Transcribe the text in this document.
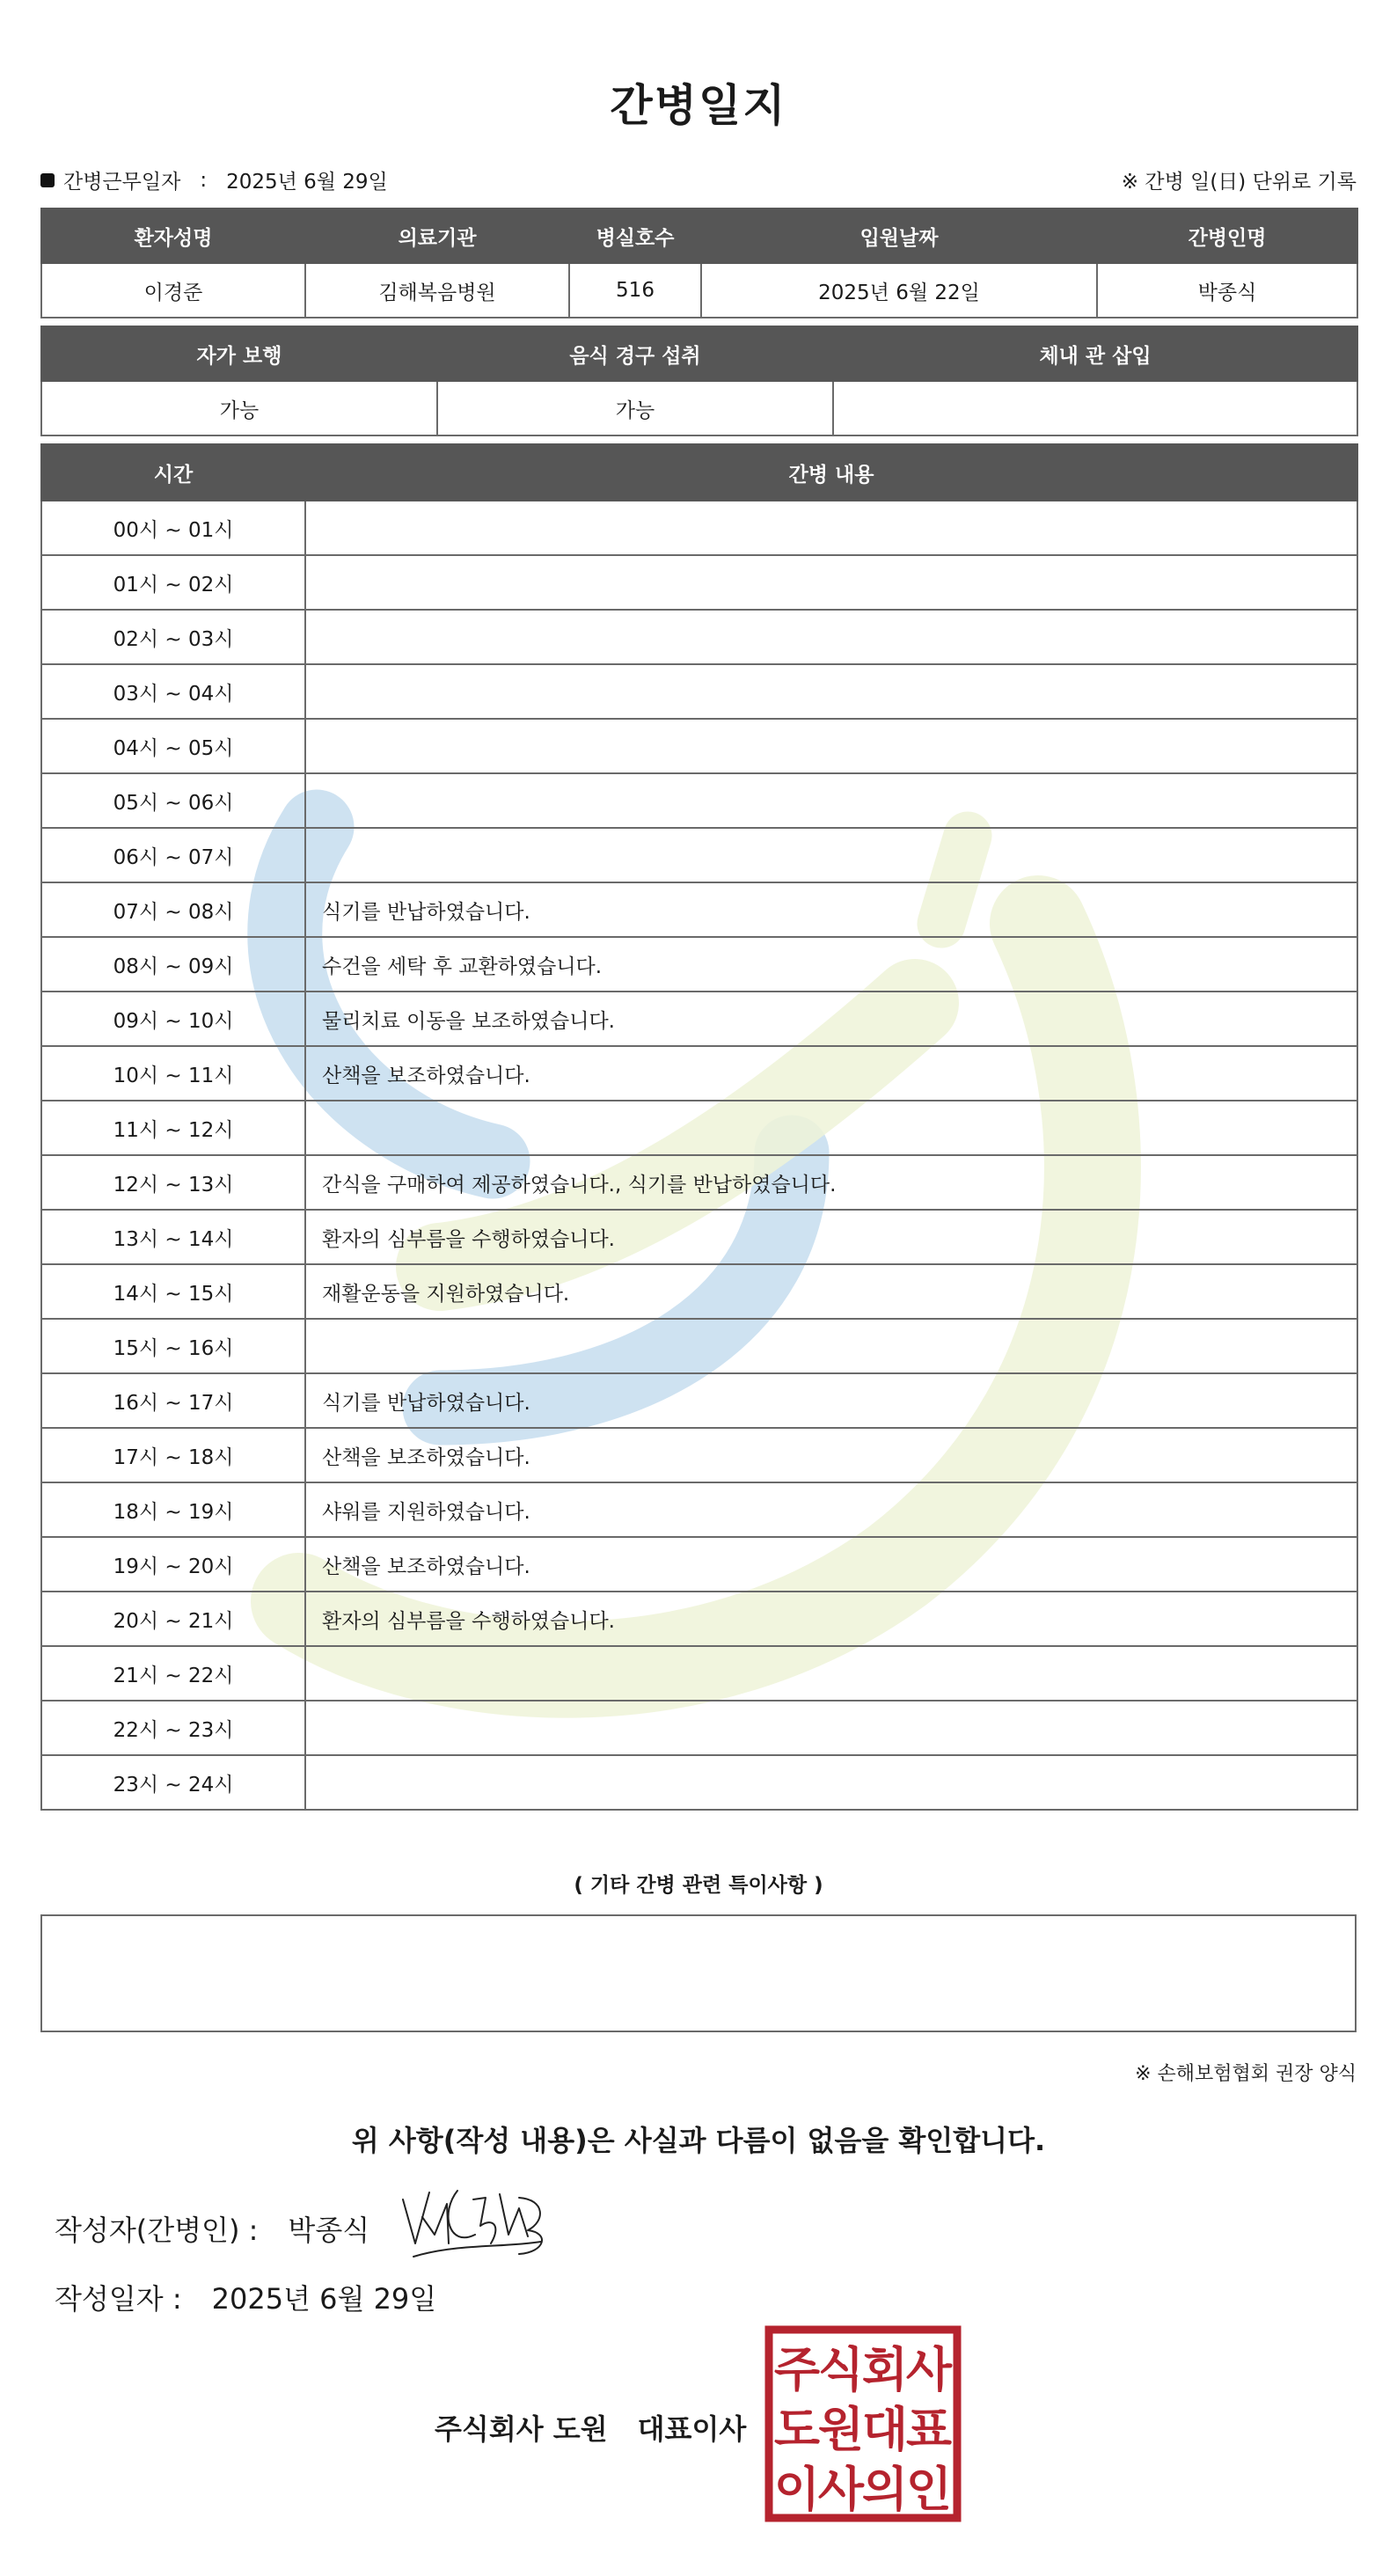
간병일지
간병근무일자 : 2025년 6월 29일	※ 간병 일(日) 단위로 기록
환자성명	의료기관	병실호수	입원날짜	간병인명
이경준	김해복음병원	516	2025년 6월 22일	박종식
자가 보행	음식 경구 섭취	체내 관 삽입
가능	가능	
시간	간병 내용
00시 ~ 01시	
01시 ~ 02시	
02시 ~ 03시	
03시 ~ 04시	
04시 ~ 05시	
05시 ~ 06시	
06시 ~ 07시	
07시 ~ 08시	식기를 반납하였습니다.
08시 ~ 09시	수건을 세탁 후 교환하였습니다.
09시 ~ 10시	물리치료 이동을 보조하였습니다.
10시 ~ 11시	산책을 보조하였습니다.
11시 ~ 12시	
12시 ~ 13시	간식을 구매하여 제공하였습니다., 식기를 반납하였습니다.
13시 ~ 14시	환자의 심부름을 수행하였습니다.
14시 ~ 15시	재활운동을 지원하였습니다.
15시 ~ 16시	
16시 ~ 17시	식기를 반납하였습니다.
17시 ~ 18시	산책을 보조하였습니다.
18시 ~ 19시	샤워를 지원하였습니다.
19시 ~ 20시	산책을 보조하였습니다.
20시 ~ 21시	환자의 심부름을 수행하였습니다.
21시 ~ 22시	
22시 ~ 23시	
23시 ~ 24시	
( 기타 간병 관련 특이사항 )
※ 손해보험협회 권장 양식
위 사항(작성 내용)은 사실과 다름이 없음을 확인합니다.
작성자(간병인) : 박종식
작성일자 : 2025년 6월 29일
주식회사 도원 대표이사
주
식
회
사
도
원
대
표
이
사
의
인
